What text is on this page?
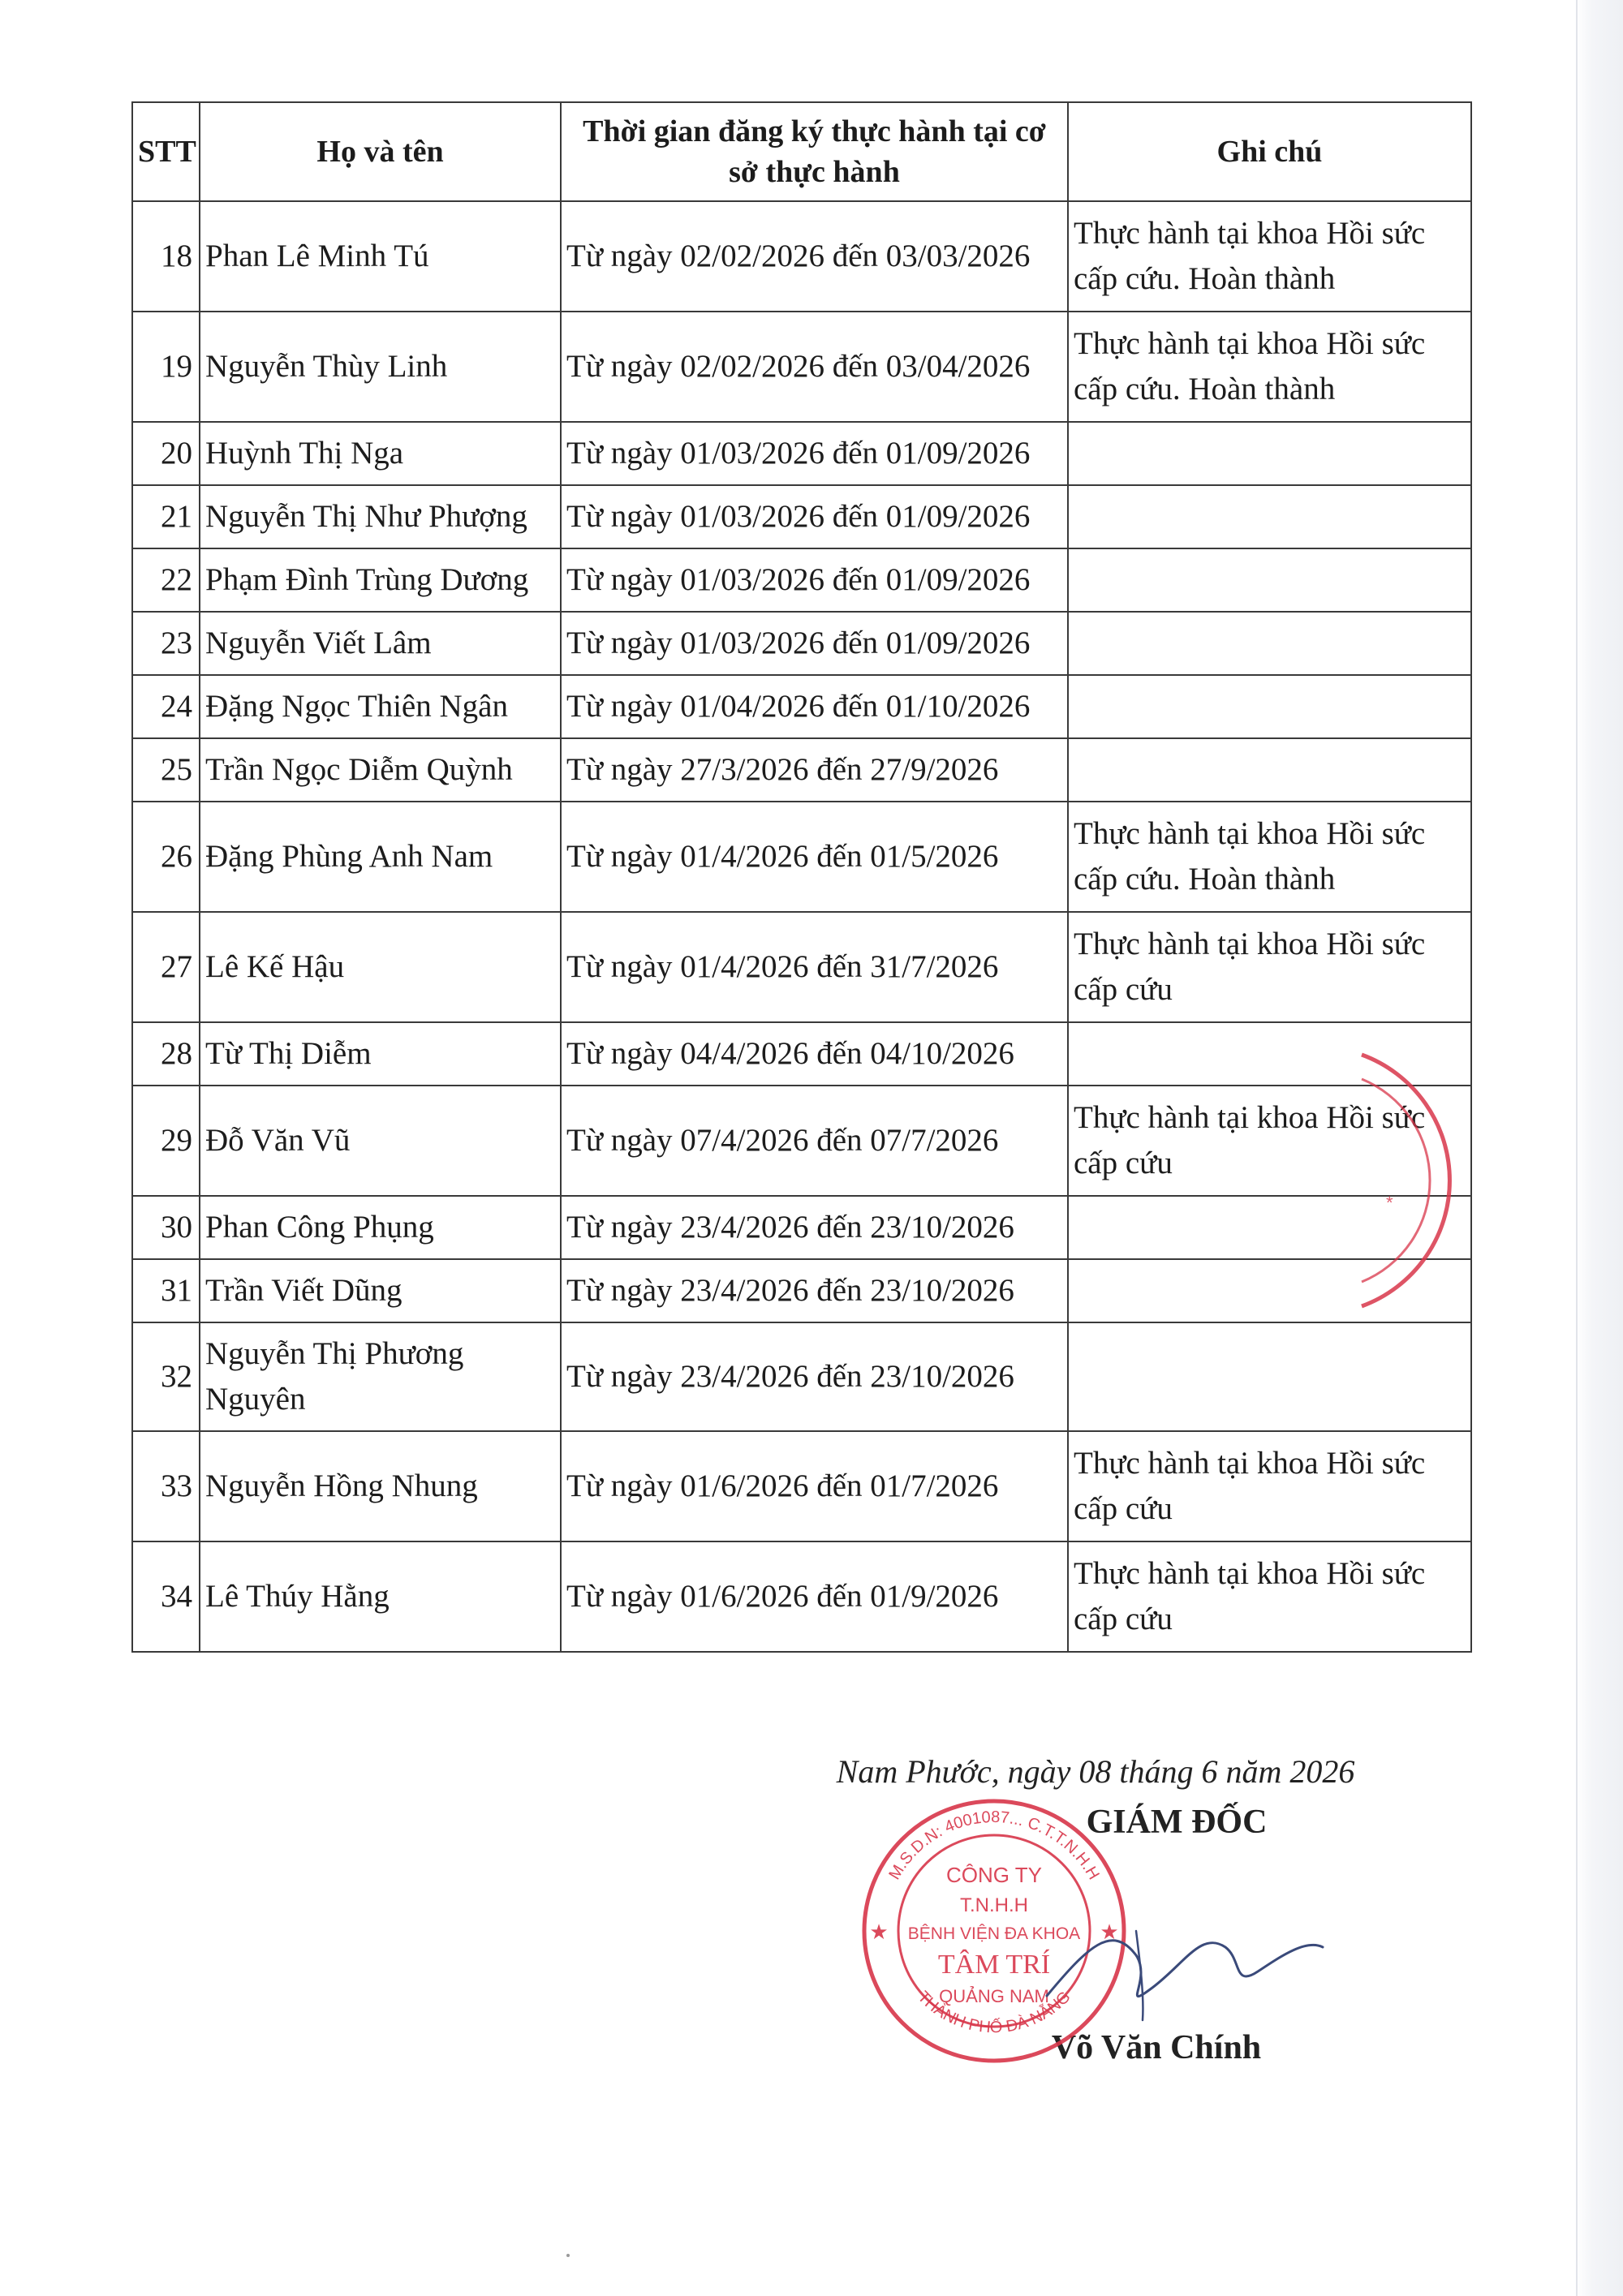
STT	Họ và tên	Thời gian đăng ký thực hành tại cơ sở thực hành	Ghi chú
18	Phan Lê Minh Tú	Từ ngày 02/02/2026 đến 03/03/2026	Thực hành tại khoa Hồi sức cấp cứu. Hoàn thành
19	Nguyễn Thùy Linh	Từ ngày 02/02/2026 đến 03/04/2026	Thực hành tại khoa Hồi sức cấp cứu. Hoàn thành
20	Huỳnh Thị Nga	Từ ngày 01/03/2026 đến 01/09/2026	
21	Nguyễn Thị Như Phượng	Từ ngày 01/03/2026 đến 01/09/2026	
22	Phạm Đình Trùng Dương	Từ ngày 01/03/2026 đến 01/09/2026	
23	Nguyễn Viết Lâm	Từ ngày 01/03/2026 đến 01/09/2026	
24	Đặng Ngọc Thiên Ngân	Từ ngày 01/04/2026 đến 01/10/2026	
25	Trần Ngọc Diễm Quỳnh	Từ ngày 27/3/2026 đến 27/9/2026	
26	Đặng Phùng Anh Nam	Từ ngày 01/4/2026 đến 01/5/2026	Thực hành tại khoa Hồi sức cấp cứu. Hoàn thành
27	Lê Kế Hậu	Từ ngày 01/4/2026 đến 31/7/2026	Thực hành tại khoa Hồi sức cấp cứu
28	Từ Thị Diễm	Từ ngày 04/4/2026 đến 04/10/2026	
29	Đỗ Văn Vũ	Từ ngày 07/4/2026 đến 07/7/2026	Thực hành tại khoa Hồi sức cấp cứu
30	Phan Công Phụng	Từ ngày 23/4/2026 đến 23/10/2026	
31	Trần Viết Dũng	Từ ngày 23/4/2026 đến 23/10/2026	
32	Nguyễn Thị Phương Nguyên	Từ ngày 23/4/2026 đến 23/10/2026	
33	Nguyễn Hồng Nhung	Từ ngày 01/6/2026 đến 01/7/2026	Thực hành tại khoa Hồi sức cấp cứu
34	Lê Thúy Hằng	Từ ngày 01/6/2026 đến 01/9/2026	Thực hành tại khoa Hồi sức cấp cứu
*
Nam Phước, ngày 08 tháng 6 năm 2026
GIÁM ĐỐC
Võ Văn Chính
M.S.D.N: 4001087... C.T.T.N.H.H
THÀNH PHỐ ĐÀ NẴNG
CÔNG TY
T.N.H.H
BỆNH VIỆN ĐA KHOA
TÂM TRÍ
QUẢNG NAM
★	★
